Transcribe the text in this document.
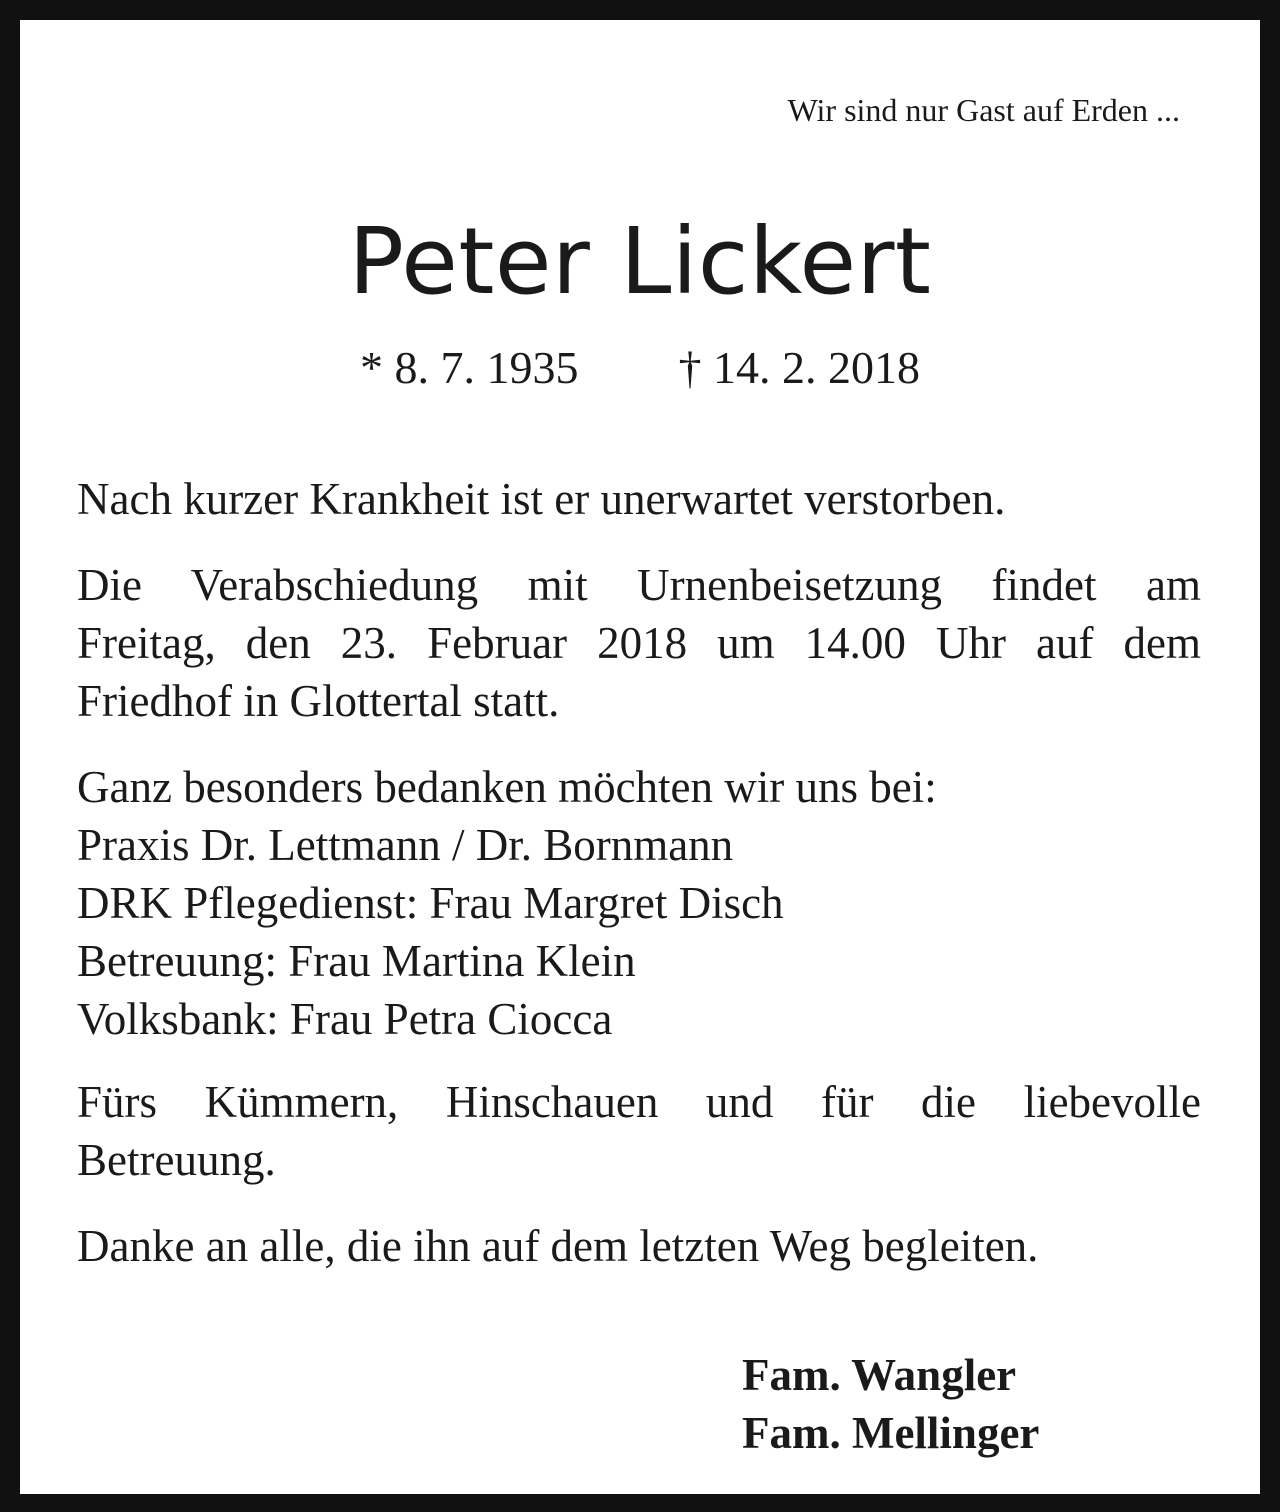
Wir sind nur Gast auf Erden ...
Peter Lickert
* 8. 7. 1935 † 14. 2. 2018

Nach kurzer Krankheit ist er unerwartet verstorben.

Die Verabschiedung mit Urnenbeisetzung findet am
Freitag, den 23. Februar 2018 um 14.00 Uhr auf dem
Friedhof in Glottertal statt.

Ganz besonders bedanken möchten wir uns bei:

Praxis Dr. Lettmann / Dr. Bornmann

DRK Pflegedienst: Frau Margret Disch

Betreuung: Frau Martina Klein

Volksbank: Frau Petra Ciocca

Fürs Kümmern, Hinschauen und für die liebevolle
Betreuung.

Danke an alle, die ihn auf dem letzten Weg begleiten.

Fam. Wangler
Fam. Mellinger
